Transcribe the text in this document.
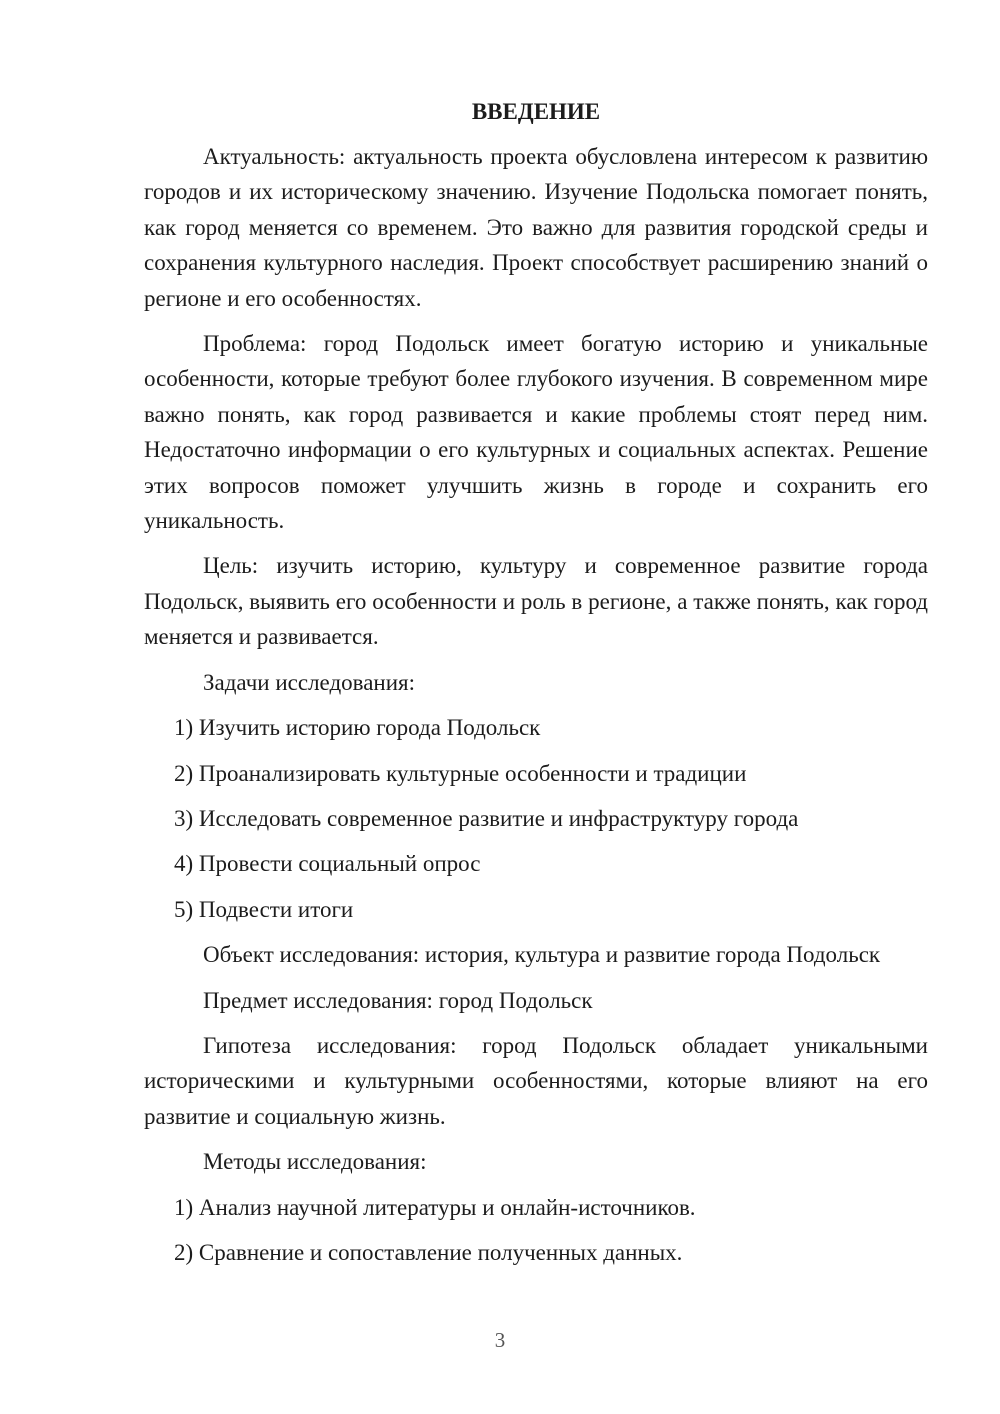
ВВЕДЕНИЕ

Актуальность: актуальность проекта обусловлена интересом к развитию городов и их историческому значению. Изучение Подольска помогает понять, как город меняется со временем. Это важно для развития городской среды и сохранения культурного наследия. Проект способствует расширению знаний о регионе и его особенностях.

Проблема: город Подольск имеет богатую историю и уникальные особенности, которые требуют более глубокого изучения. В современном мире важно понять, как город развивается и какие проблемы стоят перед ним. Недостаточно информации о его культурных и социальных аспектах. Решение этих вопросов поможет улучшить жизнь в городе и сохранить его уникальность.

Цель: изучить историю, культуру и современное развитие города Подольск, выявить его особенности и роль в регионе, а также понять, как город меняется и развивается.

Задачи исследования:
1) Изучить историю города Подольск
2) Проанализировать культурные особенности и традиции
3) Исследовать современное развитие и инфраструктуру города
4) Провести социальный опрос
5) Подвести итоги

Объект исследования: история, культура и развитие города Подольск

Предмет исследования: город Подольск

Гипотеза исследования: город Подольск обладает уникальными историческими и культурными особенностями, которые влияют на его развитие и социальную жизнь.

Методы исследования:
1) Анализ научной литературы и онлайн-источников.
2) Сравнение и сопоставление полученных данных.
3
